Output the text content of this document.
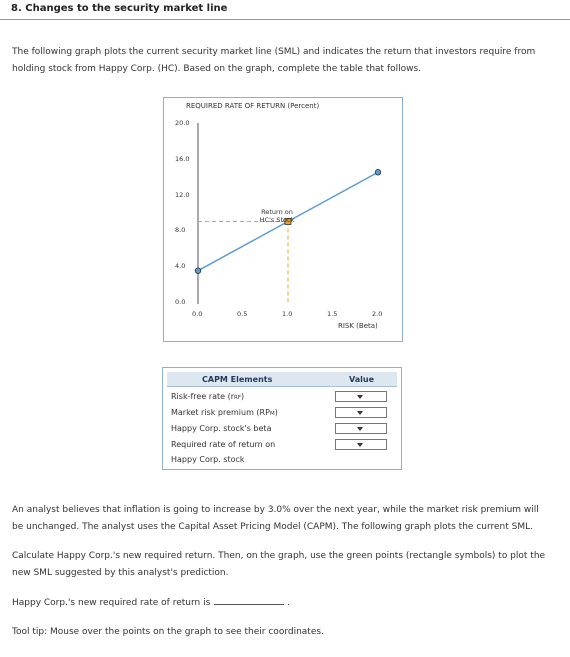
8. Changes to the security market line

The following graph plots the current security market line (SML) and indicates the return that investors require from holding stock from Happy Corp. (HC). Based on the graph, complete the table that follows.

REQUIRED RATE OF RETURN (Percent)
0.0
4.0
8.0
12.0
16.0
20.0
0.0	0.5	1.0	1.5	2.0
Return on
HC's Stock
RISK (Beta)
CAPM Elements	Value
Risk-free rate (rRF)
Market risk premium (RPM)
Happy Corp. stock's beta
Required rate of return on
Happy Corp. stock

An analyst believes that inflation is going to increase by 3.0% over the next year, while the market risk premium will be unchanged. The analyst uses the Capital Asset Pricing Model (CAPM). The following graph plots the current SML.

Calculate Happy Corp.'s new required return. Then, on the graph, use the green points (rectangle symbols) to plot the new SML suggested by this analyst's prediction.

Happy Corp.'s new required rate of return is	.

Tool tip: Mouse over the points on the graph to see their coordinates.
